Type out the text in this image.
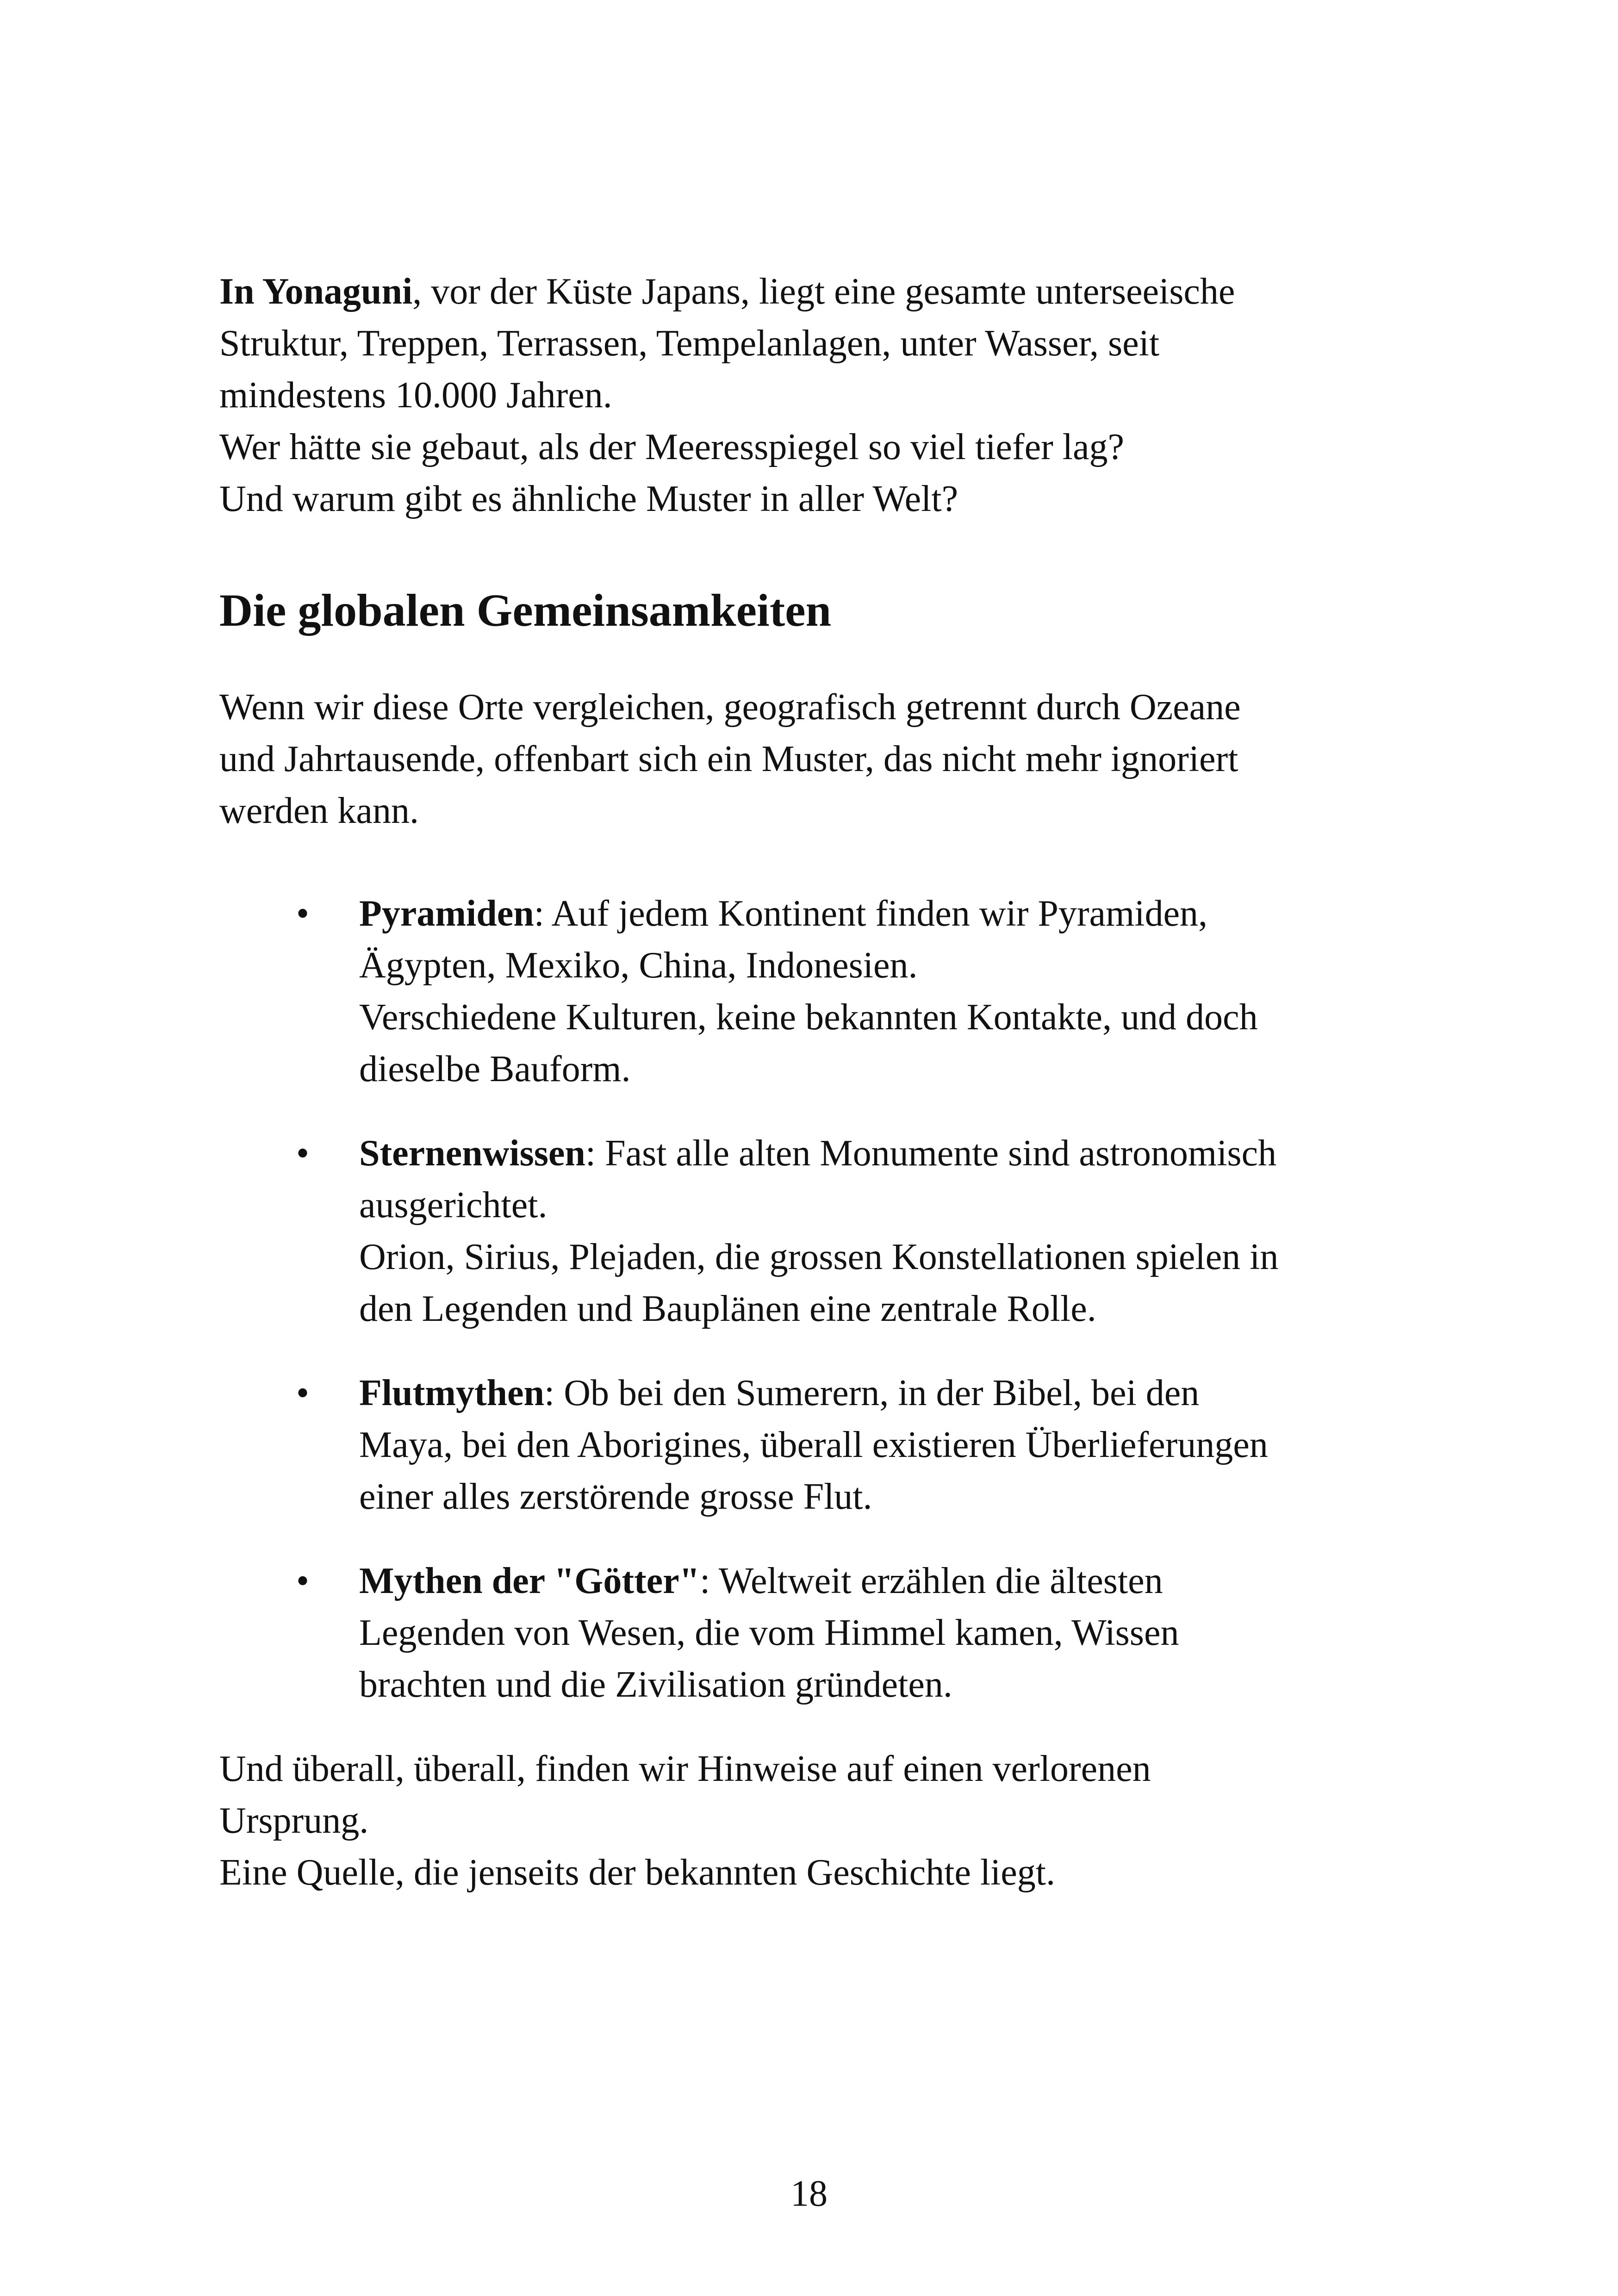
In Yonaguni, vor der Küste Japans, liegt eine gesamte unterseeische
Struktur, Treppen, Terrassen, Tempelanlagen, unter Wasser, seit
mindestens 10.000 Jahren.
Wer hätte sie gebaut, als der Meeresspiegel so viel tiefer lag?
Und warum gibt es ähnliche Muster in aller Welt?

Die globalen Gemeinsamkeiten

Wenn wir diese Orte vergleichen, geografisch getrennt durch Ozeane
und Jahrtausende, offenbart sich ein Muster, das nicht mehr ignoriert
werden kann.

• Pyramiden: Auf jedem Kontinent finden wir Pyramiden,
Ägypten, Mexiko, China, Indonesien.
Verschiedene Kulturen, keine bekannten Kontakte, und doch
dieselbe Bauform.
• Sternenwissen: Fast alle alten Monumente sind astronomisch
ausgerichtet.
Orion, Sirius, Plejaden, die grossen Konstellationen spielen in
den Legenden und Bauplänen eine zentrale Rolle.
• Flutmythen: Ob bei den Sumerern, in der Bibel, bei den
Maya, bei den Aborigines, überall existieren Überlieferungen
einer alles zerstörende grosse Flut.
• Mythen der "Götter": Weltweit erzählen die ältesten
Legenden von Wesen, die vom Himmel kamen, Wissen
brachten und die Zivilisation gründeten.

Und überall, überall, finden wir Hinweise auf einen verlorenen
Ursprung.
Eine Quelle, die jenseits der bekannten Geschichte liegt.

18
